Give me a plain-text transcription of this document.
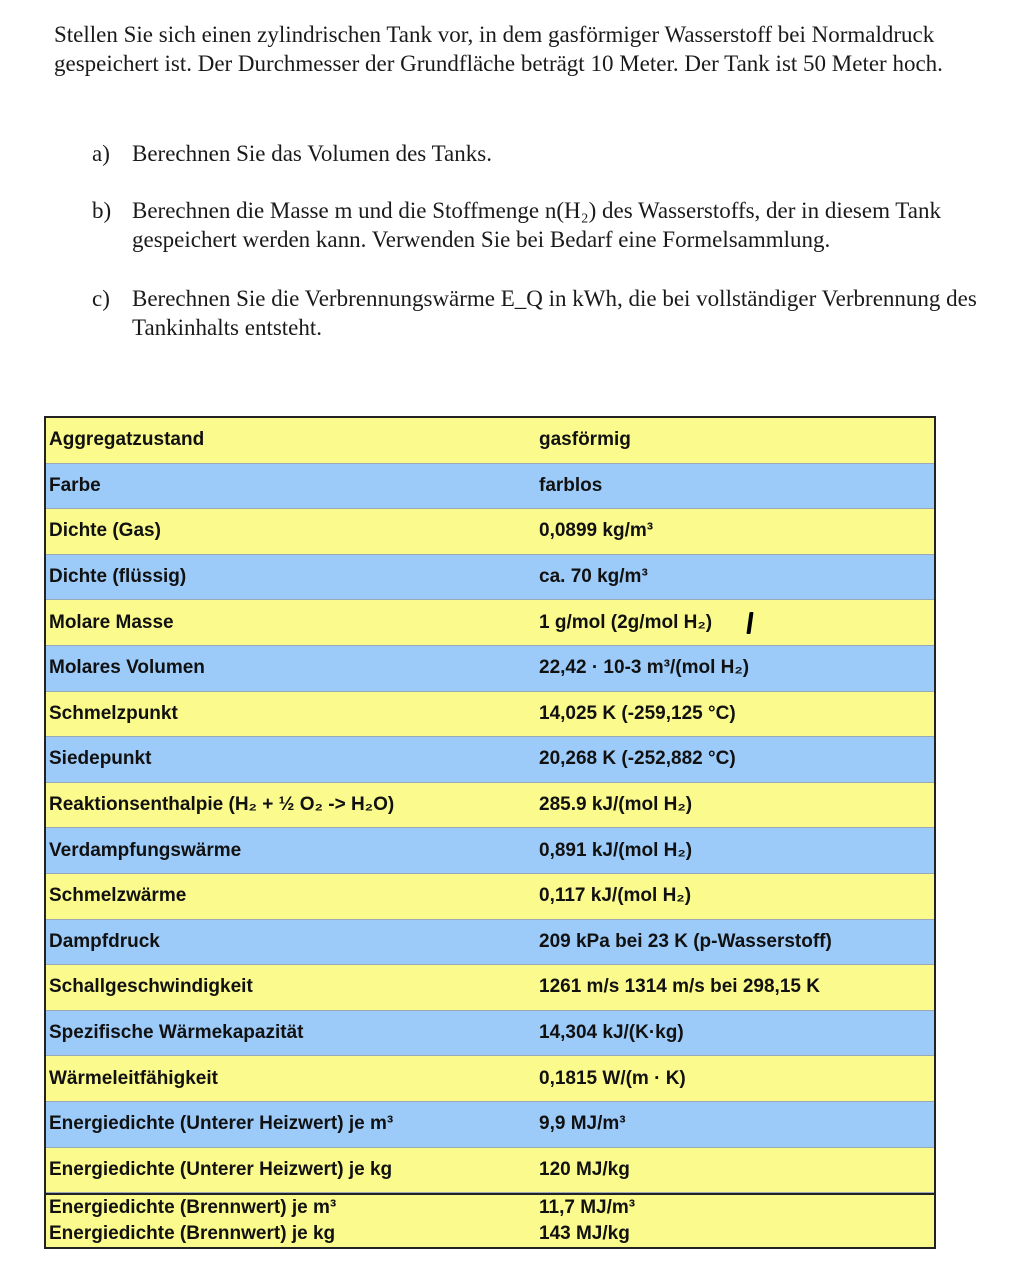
Stellen Sie sich einen zylindrischen Tank vor, in dem gasförmiger Wasserstoff bei Normaldruck gespeichert ist. Der Durchmesser der Grundfläche beträgt 10 Meter. Der Tank ist 50 Meter hoch.
a) Berechnen Sie das Volumen des Tanks.
b) Berechnen die Masse m und die Stoffmenge n(H₂) des Wasserstoffs, der in diesem Tank gespeichert werden kann. Verwenden Sie bei Bedarf eine Formelsammlung.
c) Berechnen Sie die Verbrennungswärme E_Q in kWh, die bei vollständiger Verbrennung des Tankinhalts entsteht.
Aggregatzustand	gasförmig
Farbe	farblos
Dichte (Gas)	0,0899 kg/m³
Dichte (flüssig)	ca. 70 kg/m³
Molare Masse	1 g/mol (2g/mol H₂)
Molares Volumen	22,42 · 10-3 m³/(mol H₂)
Schmelzpunkt	14,025 K (-259,125 °C)
Siedepunkt	20,268 K (-252,882 °C)
Reaktionsenthalpie (H₂ + ½ O₂ -> H₂O)	285.9 kJ/(mol H₂)
Verdampfungswärme	0,891 kJ/(mol H₂)
Schmelzwärme	0,117 kJ/(mol H₂)
Dampfdruck	209 kPa bei 23 K (p-Wasserstoff)
Schallgeschwindigkeit	1261 m/s 1314 m/s bei 298,15 K
Spezifische Wärmekapazität	14,304 kJ/(K·kg)
Wärmeleitfähigkeit	0,1815 W/(m · K)
Energiedichte (Unterer Heizwert) je m³	9,9 MJ/m³
Energiedichte (Unterer Heizwert) je kg	120 MJ/kg
Energiedichte (Brennwert) je m³	11,7 MJ/m³
Energiedichte (Brennwert) je kg	143 MJ/kg
